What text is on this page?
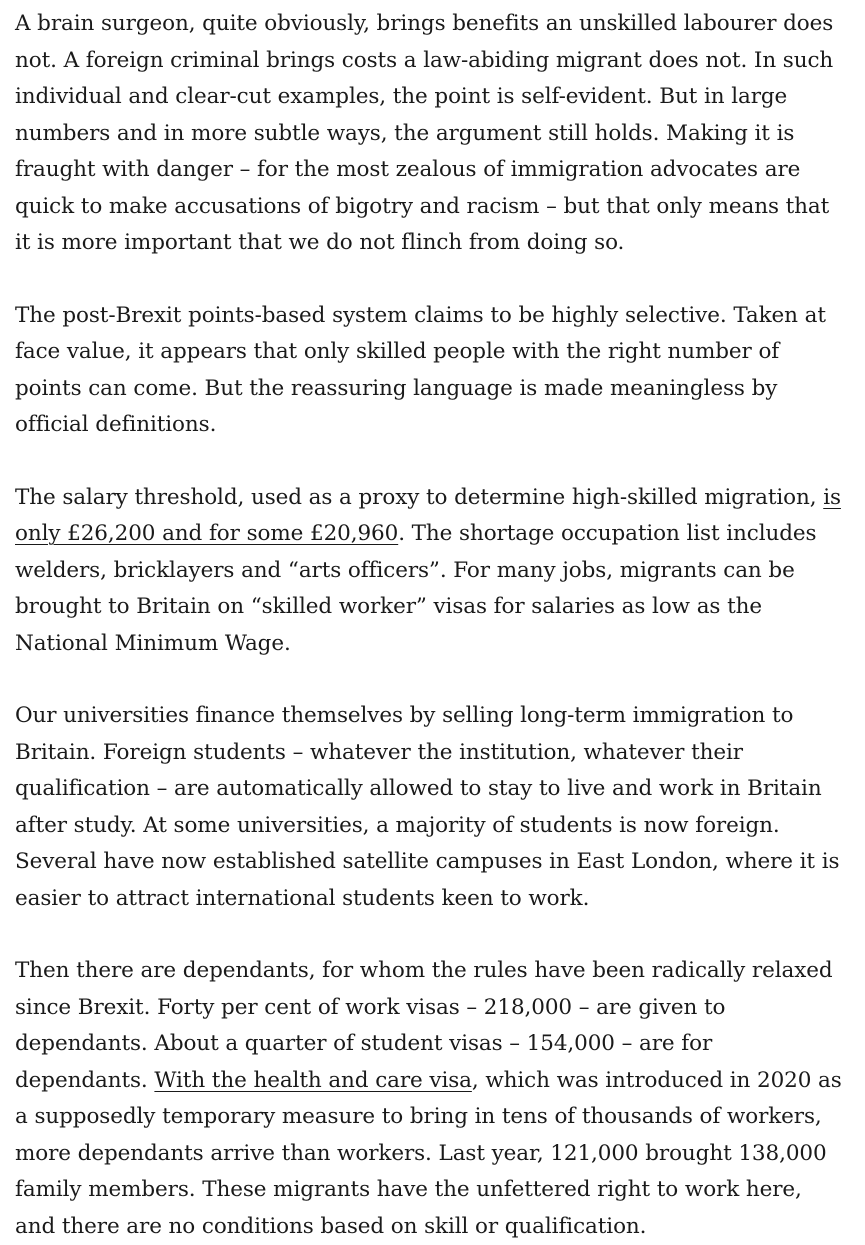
A brain surgeon, quite obviously, brings benefits an unskilled labourer does not. A foreign criminal brings costs a law-abiding migrant does not. In such individual and clear-cut examples, the point is self-evident. But in large numbers and in more subtle ways, the argument still holds. Making it is fraught with danger – for the most zealous of immigration advocates are quick to make accusations of bigotry and racism – but that only means that it is more important that we do not flinch from doing so.

The post-Brexit points-based system claims to be highly selective. Taken at face value, it appears that only skilled people with the right number of points can come. But the reassuring language is made meaningless by official definitions.

The salary threshold, used as a proxy to determine high-skilled migration, is only £26,200 and for some £20,960. The shortage occupation list includes welders, bricklayers and “arts officers”. For many jobs, migrants can be brought to Britain on “skilled worker” visas for salaries as low as the National Minimum Wage.

Our universities finance themselves by selling long-term immigration to Britain. Foreign students – whatever the institution, whatever their qualification – are automatically allowed to stay to live and work in Britain after study. At some universities, a majority of students is now foreign. Several have now established satellite campuses in East London, where it is easier to attract international students keen to work.

Then there are dependants, for whom the rules have been radically relaxed since Brexit. Forty per cent of work visas – 218,000 – are given to dependants. About a quarter of student visas – 154,000 – are for dependants. With the health and care visa, which was introduced in 2020 as a supposedly temporary measure to bring in tens of thousands of workers, more dependants arrive than workers. Last year, 121,000 brought 138,000 family members. These migrants have the unfettered right to work here, and there are no conditions based on skill or qualification.
